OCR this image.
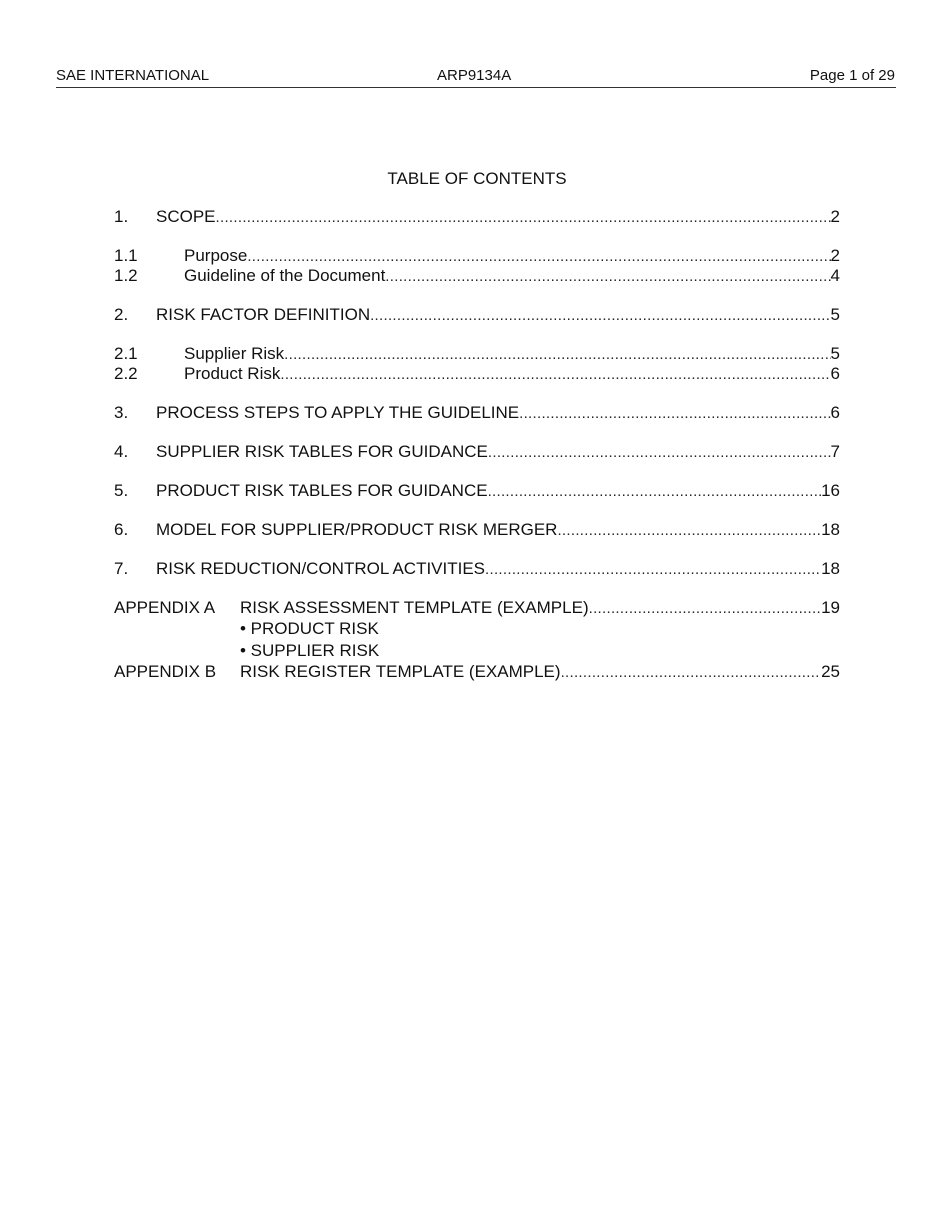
SAE INTERNATIONAL	ARP9134A	Page 1 of 29
TABLE OF CONTENTS
1. SCOPE .....	2
1.1	Purpose .....	2
1.2	Guideline of the Document .....	4
2. RISK FACTOR DEFINITION .....	5
2.1	Supplier Risk .....	5
2.2	Product Risk .....	6
3. PROCESS STEPS TO APPLY THE GUIDELINE .....	6
4. SUPPLIER RISK TABLES FOR GUIDANCE .....	7
5. PRODUCT RISK TABLES FOR GUIDANCE .....	16
6. MODEL FOR SUPPLIER/PRODUCT RISK MERGER .....	18
7. RISK REDUCTION/CONTROL ACTIVITIES .....	18
APPENDIX A RISK ASSESSMENT TEMPLATE (EXAMPLE) .....	19
• PRODUCT RISK
• SUPPLIER RISK
APPENDIX B RISK REGISTER TEMPLATE (EXAMPLE) .....	25
